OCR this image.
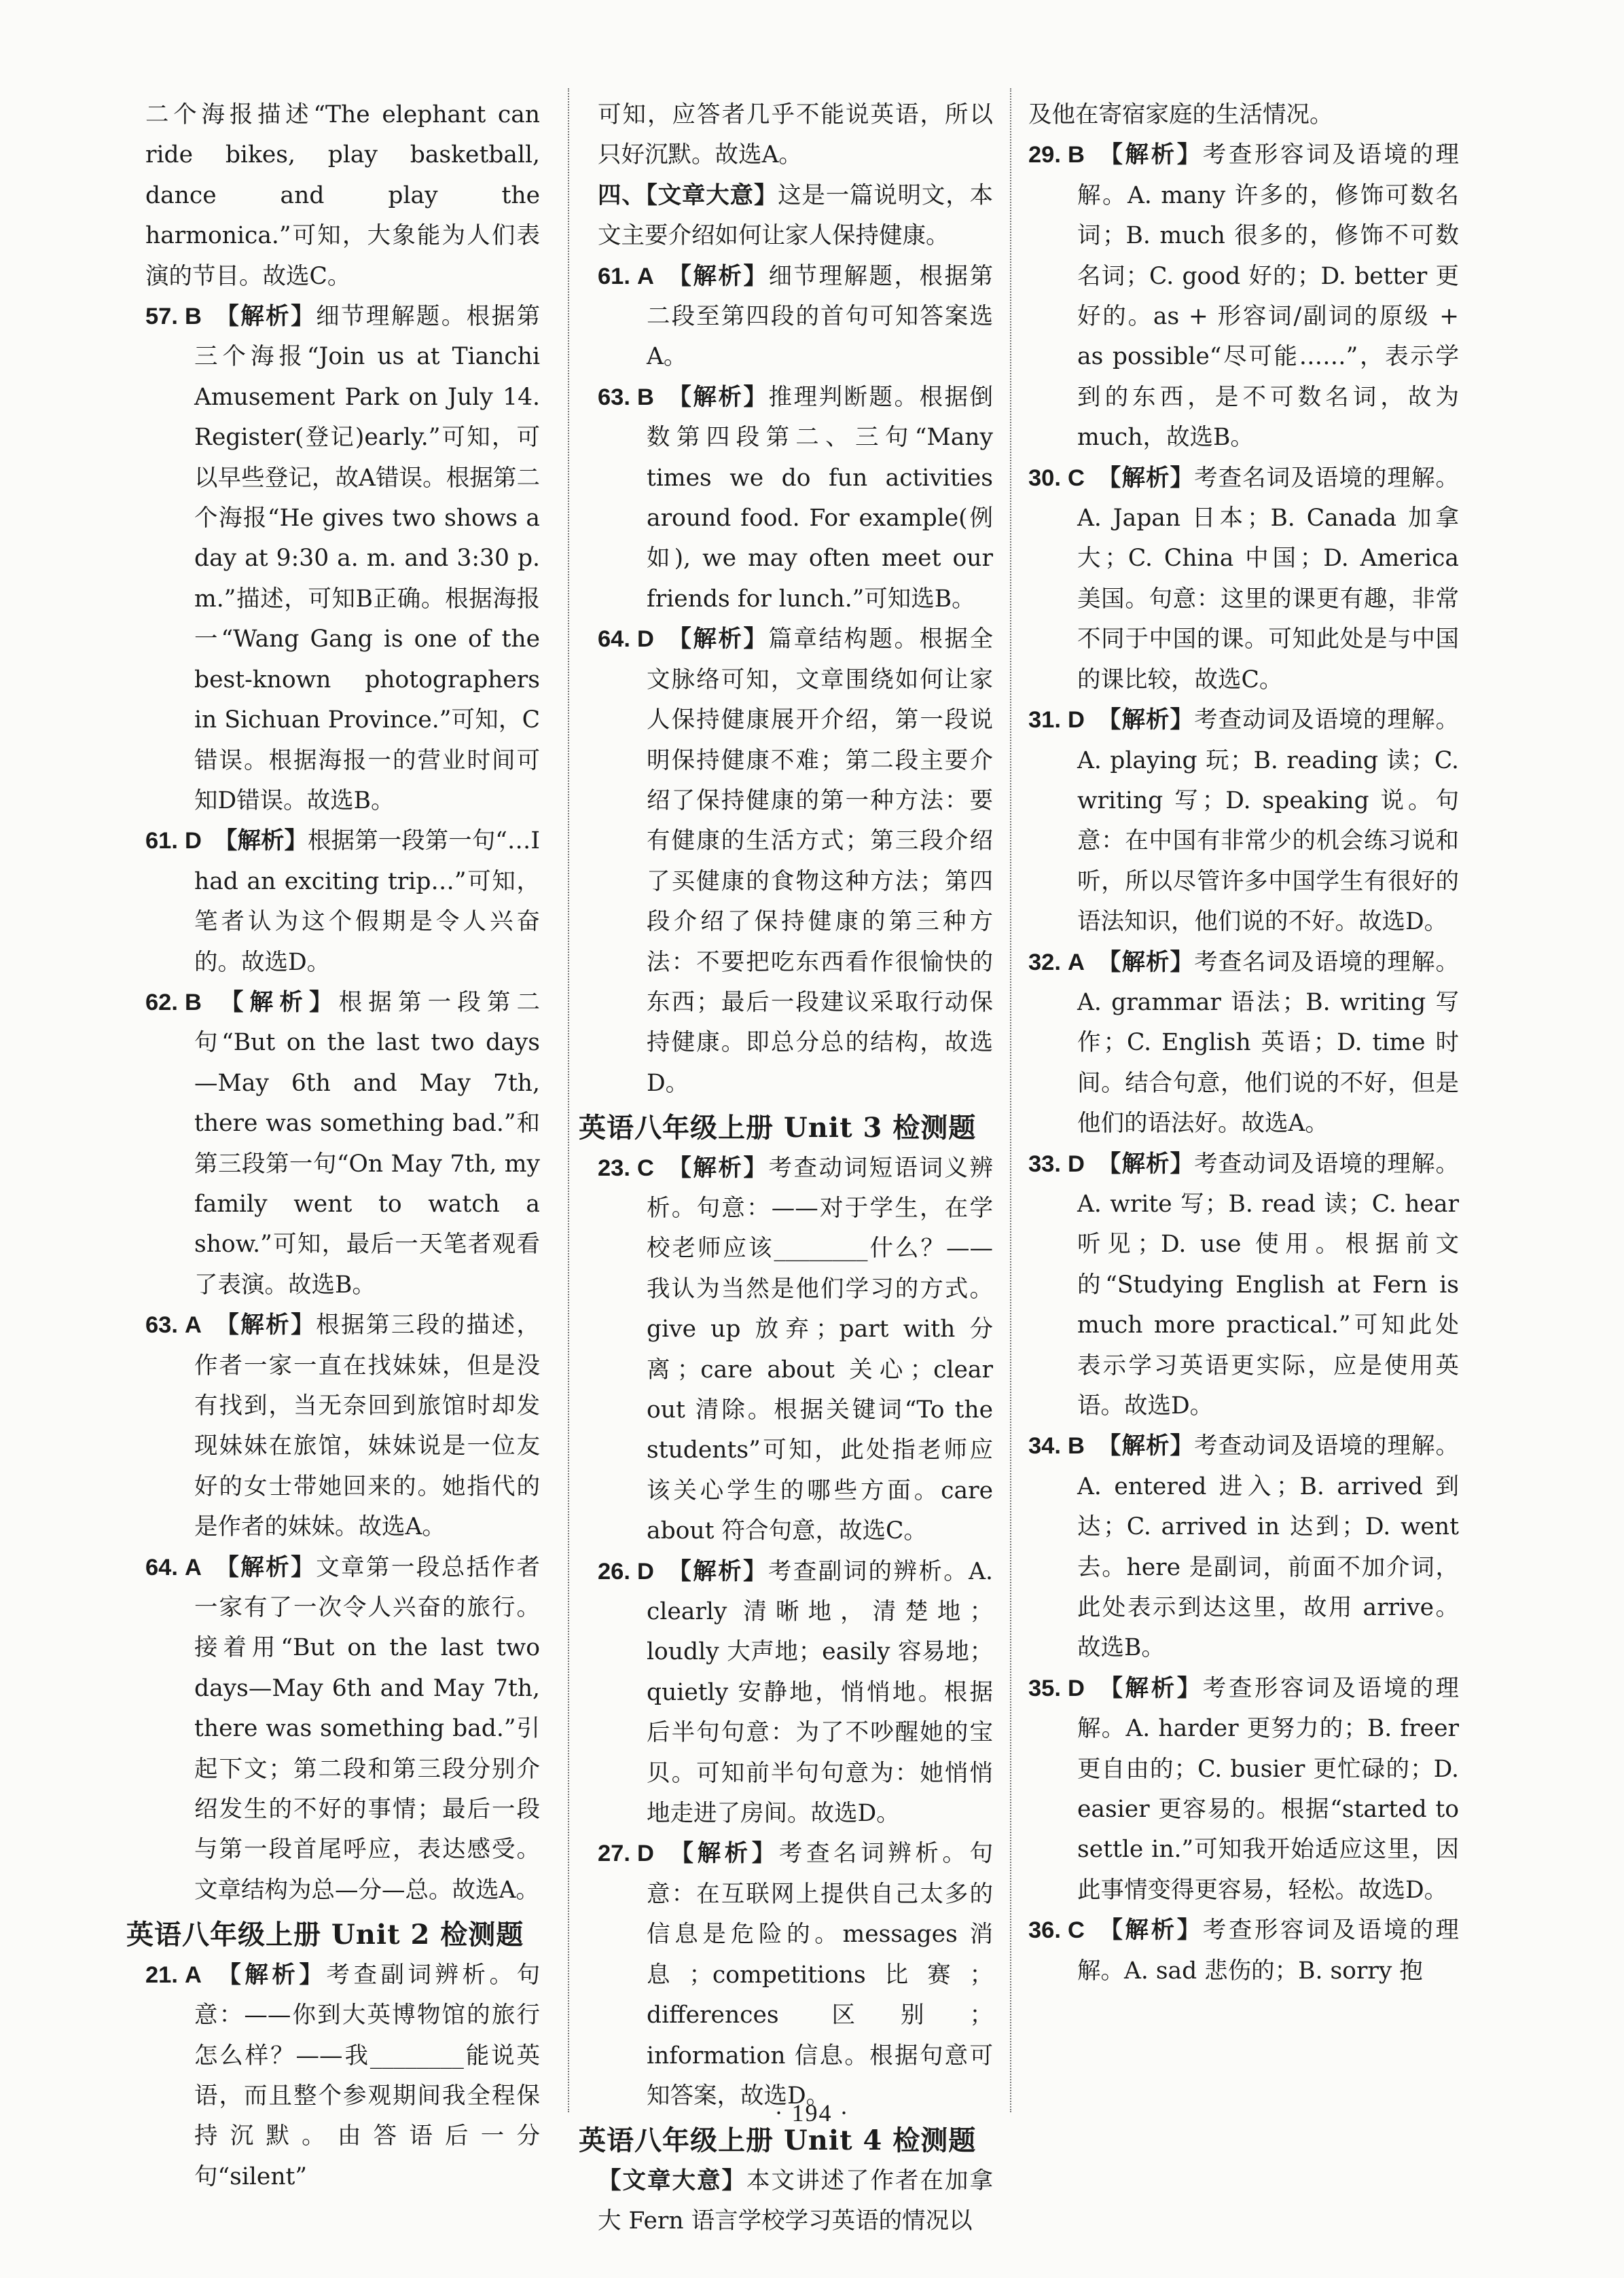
二个海报描述“The elephant can ride bikes, play basketball, dance and play the harmonica.”可知，大象能为人们表演的节目。故选C。

57. B 【解析】细节理解题。根据第三个海报“Join us at Tianchi Amusement Park on July 14. Register(登记)early.”可知，可以早些登记，故A错误。根据第二个海报“He gives two shows a day at 9:30 a. m. and 3:30 p. m.”描述，可知B正确。根据海报一“Wang Gang is one of the best-known photographers in Sichuan Province.”可知，C错误。根据海报一的营业时间可知D错误。故选B。

61. D 【解析】根据第一段第一句“…I had an exciting trip…”可知，笔者认为这个假期是令人兴奋的。故选D。

62. B 【解析】根据第一段第二句“But on the last two days—May 6th and May 7th, there was something bad.”和第三段第一句“On May 7th, my family went to watch a show.”可知，最后一天笔者观看了表演。故选B。

63. A 【解析】根据第三段的描述，作者一家一直在找妹妹，但是没有找到，当无奈回到旅馆时却发现妹妹在旅馆，妹妹说是一位友好的女士带她回来的。她指代的是作者的妹妹。故选A。

64. A 【解析】文章第一段总括作者一家有了一次令人兴奋的旅行。接着用“But on the last two days—May 6th and May 7th, there was something bad.”引起下文；第二段和第三段分别介绍发生的不好的事情；最后一段与第一段首尾呼应，表达感受。文章结构为总—分—总。故选A。

英语八年级上册 Unit 2 检测题

21. A 【解析】考查副词辨析。句意：——你到大英博物馆的旅行怎么样？——我________能说英语，而且整个参观期间我全程保持沉默。由答语后一分句“silent”

可知，应答者几乎不能说英语，所以只好沉默。故选A。

四、【文章大意】这是一篇说明文，本文主要介绍如何让家人保持健康。

61. A 【解析】细节理解题，根据第二段至第四段的首句可知答案选A。

63. B 【解析】推理判断题。根据倒数第四段第二、三句“Many times we do fun activities around food. For example(例如), we may often meet our friends for lunch.”可知选B。

64. D 【解析】篇章结构题。根据全文脉络可知，文章围绕如何让家人保持健康展开介绍，第一段说明保持健康不难；第二段主要介绍了保持健康的第一种方法：要有健康的生活方式；第三段介绍了买健康的食物这种方法；第四段介绍了保持健康的第三种方法：不要把吃东西看作很愉快的东西；最后一段建议采取行动保持健康。即总分总的结构，故选D。

英语八年级上册 Unit 3 检测题

23. C 【解析】考查动词短语词义辨析。句意：——对于学生，在学校老师应该________什么？——我认为当然是他们学习的方式。give up 放弃；part with 分离；care about 关心；clear out 清除。根据关键词“To the students”可知，此处指老师应该关心学生的哪些方面。care about 符合句意，故选C。

26. D 【解析】考查副词的辨析。A. clearly 清晰地，清楚地；loudly 大声地；easily 容易地；quietly 安静地，悄悄地。根据后半句句意：为了不吵醒她的宝贝。可知前半句句意为：她悄悄地走进了房间。故选D。

27. D 【解析】考查名词辨析。句意：在互联网上提供自己太多的信息是危险的。messages 消息；competitions比赛；differences 区别；information 信息。根据句意可知答案，故选D。

英语八年级上册 Unit 4 检测题

【文章大意】本文讲述了作者在加拿大 Fern 语言学校学习英语的情况以

及他在寄宿家庭的生活情况。

29. B 【解析】考查形容词及语境的理解。A. many 许多的，修饰可数名词；B. much 很多的，修饰不可数名词；C. good 好的；D. better 更好的。as + 形容词/副词的原级 + as possible“尽可能……”，表示学到的东西，是不可数名词，故为much，故选B。

30. C 【解析】考查名词及语境的理解。A. Japan 日本；B. Canada 加拿大；C. China 中国；D. America 美国。句意：这里的课更有趣，非常不同于中国的课。可知此处是与中国的课比较，故选C。

31. D 【解析】考查动词及语境的理解。A. playing 玩；B. reading 读；C. writing 写；D. speaking 说。句意：在中国有非常少的机会练习说和听，所以尽管许多中国学生有很好的语法知识，他们说的不好。故选D。

32. A 【解析】考查名词及语境的理解。A. grammar 语法；B. writing 写作；C. English 英语；D. time 时间。结合句意，他们说的不好，但是他们的语法好。故选A。

33. D 【解析】考查动词及语境的理解。A. write 写；B. read 读；C. hear听见；D. use 使用。根据前文的“Studying English at Fern is much more practical.”可知此处表示学习英语更实际，应是使用英语。故选D。

34. B 【解析】考查动词及语境的理解。A. entered 进入；B. arrived 到达；C. arrived in 达到；D. went 去。here 是副词，前面不加介词，此处表示到达这里，故用 arrive。故选B。

35. D 【解析】考查形容词及语境的理解。A. harder 更努力的；B. freer 更自由的；C. busier 更忙碌的；D. easier 更容易的。根据“started to settle in.”可知我开始适应这里，因此事情变得更容易，轻松。故选D。

36. C 【解析】考查形容词及语境的理解。A. sad 悲伤的；B. sorry 抱

· 194 ·
